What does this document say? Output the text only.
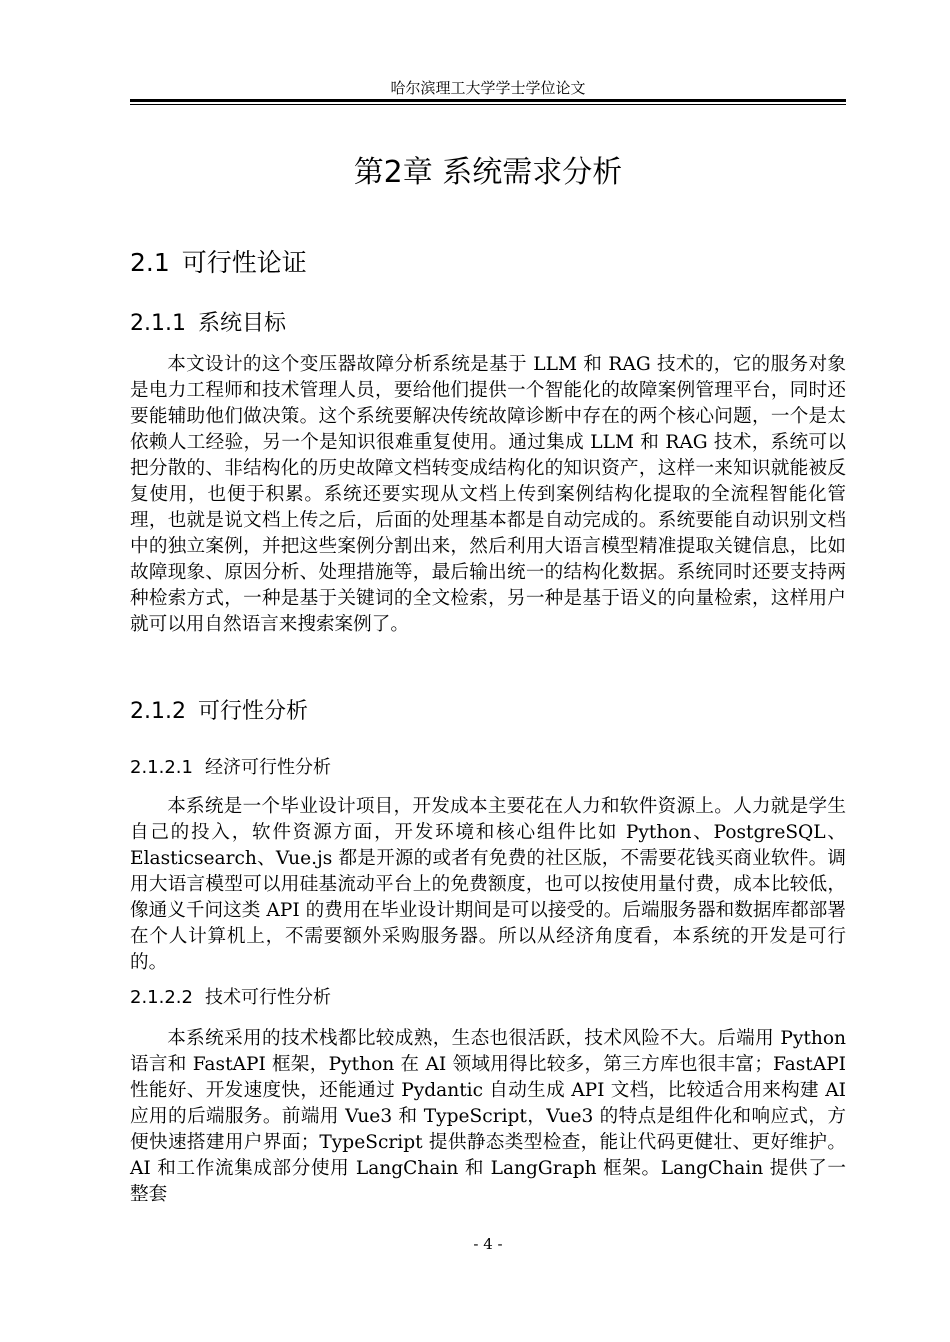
哈尔滨理工大学学士学位论文
第2章 系统需求分析
2.1 可行性论证
2.1.1 系统目标

本文设计的这个变压器故障分析系统是基于 LLM 和 RAG 技术的，它的服务对象是电力工程师和技术管理人员，要给他们提供一个智能化的故障案例管理平台，同时还要能辅助他们做决策。这个系统要解决传统故障诊断中存在的两个核心问题，一个是太依赖人工经验，另一个是知识很难重复使用。通过集成 LLM 和 RAG 技术，系统可以把分散的、非结构化的历史故障文档转变成结构化的知识资产，这样一来知识就能被反复使用，也便于积累。系统还要实现从文档上传到案例结构化提取的全流程智能化管理，也就是说文档上传之后，后面的处理基本都是自动完成的。系统要能自动识别文档中的独立案例，并把这些案例分割出来，然后利用大语言模型精准提取关键信息，比如故障现象、原因分析、处理措施等，最后输出统一的结构化数据。系统同时还要支持两种检索方式，一种是基于关键词的全文检索，另一种是基于语义的向量检索，这样用户就可以用自然语言来搜索案例了。

2.1.2 可行性分析
2.1.2.1 经济可行性分析

本系统是一个毕业设计项目，开发成本主要花在人力和软件资源上。人力就是学生自己的投入，软件资源方面，开发环境和核心组件比如 Python、PostgreSQL、Elasticsearch、Vue.js 都是开源的或者有免费的社区版，不需要花钱买商业软件。调用大语言模型可以用硅基流动平台上的免费额度，也可以按使用量付费，成本比较低，像通义千问这类 API 的费用在毕业设计期间是可以接受的。后端服务器和数据库都部署在个人计算机上，不需要额外采购服务器。所以从经济角度看，本系统的开发是可行的。

2.1.2.2 技术可行性分析

本系统采用的技术栈都比较成熟，生态也很活跃，技术风险不大。后端用 Python 语言和 FastAPI 框架，Python 在 AI 领域用得比较多，第三方库也很丰富；FastAPI 性能好、开发速度快，还能通过 Pydantic 自动生成 API 文档，比较适合用来构建 AI 应用的后端服务。前端用 Vue3 和 TypeScript，Vue3 的特点是组件化和响应式，方便快速搭建用户界面；TypeScript 提供静态类型检查，能让代码更健壮、更好维护。AI 和工作流集成部分使用 LangChain 和 LangGraph 框架。LangChain 提供了一整套

- 4 -
